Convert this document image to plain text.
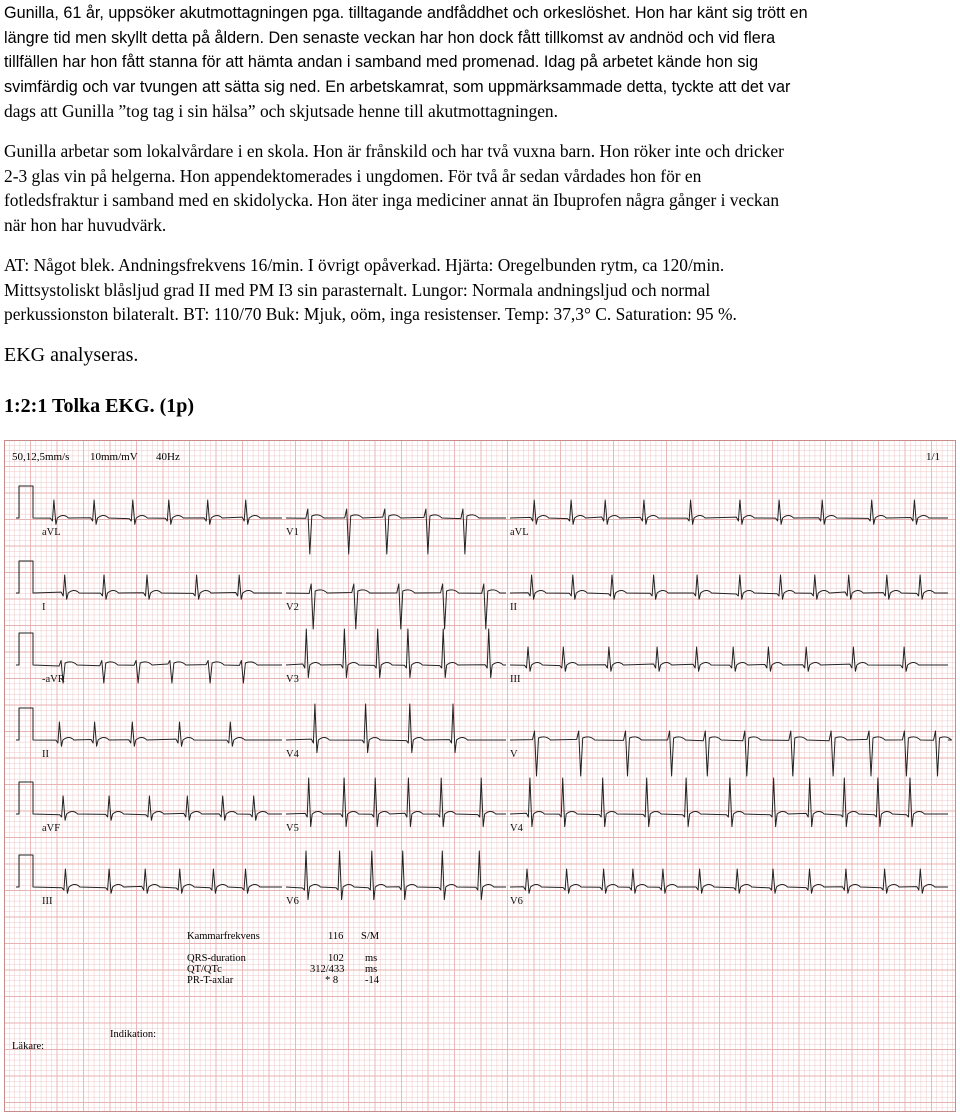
Gunilla, 61 år, uppsöker akutmottagningen pga. tilltagande andfåddhet och orkeslöshet. Hon har känt sig trött en
längre tid men skyllt detta på åldern. Den senaste veckan har hon dock fått tillkomst av andnöd och vid flera
tillfällen har hon fått stanna för att hämta andan i samband med promenad. Idag på arbetet kände hon sig
svimfärdig och var tvungen att sätta sig ned. En arbetskamrat, som uppmärksammade detta, tyckte att det var
dags att Gunilla ”tog tag i sin hälsa” och skjutsade henne till akutmottagningen.
Gunilla arbetar som lokalvårdare i en skola. Hon är frånskild och har två vuxna barn. Hon röker inte och dricker
2-3 glas vin på helgerna. Hon appendektomerades i ungdomen. För två år sedan vårdades hon för en
fotledsfraktur i samband med en skidolycka. Hon äter inga mediciner annat än Ibuprofen några gånger i veckan
när hon har huvudvärk.
AT: Något blek. Andningsfrekvens 16/min. I övrigt opåverkad. Hjärta: Oregelbunden rytm, ca 120/min.
Mittsystoliskt blåsljud grad II med PM I3 sin parasternalt. Lungor: Normala andningsljud och normal
perkussionston bilateralt. BT: 110/70 Buk: Mjuk, oöm, inga resistenser. Temp: 37,3° C. Saturation: 95 %.
EKG analyseras.
1:2:1 Tolka EKG. (1p)
aVL	V1	aVL
I	V2	II
-aVR	V3	III
II	V4	V
aVF	V5	V4
III	V6	V6
50,12,5mm/s 10mm/mV 40Hz	1/1
Kammarfrekvens	116 S/M
QRS-duration	102 ms
QT/QTc	312/433 ms
PR-T-axlar	* 8	-14
Indikation:
Läkare:
